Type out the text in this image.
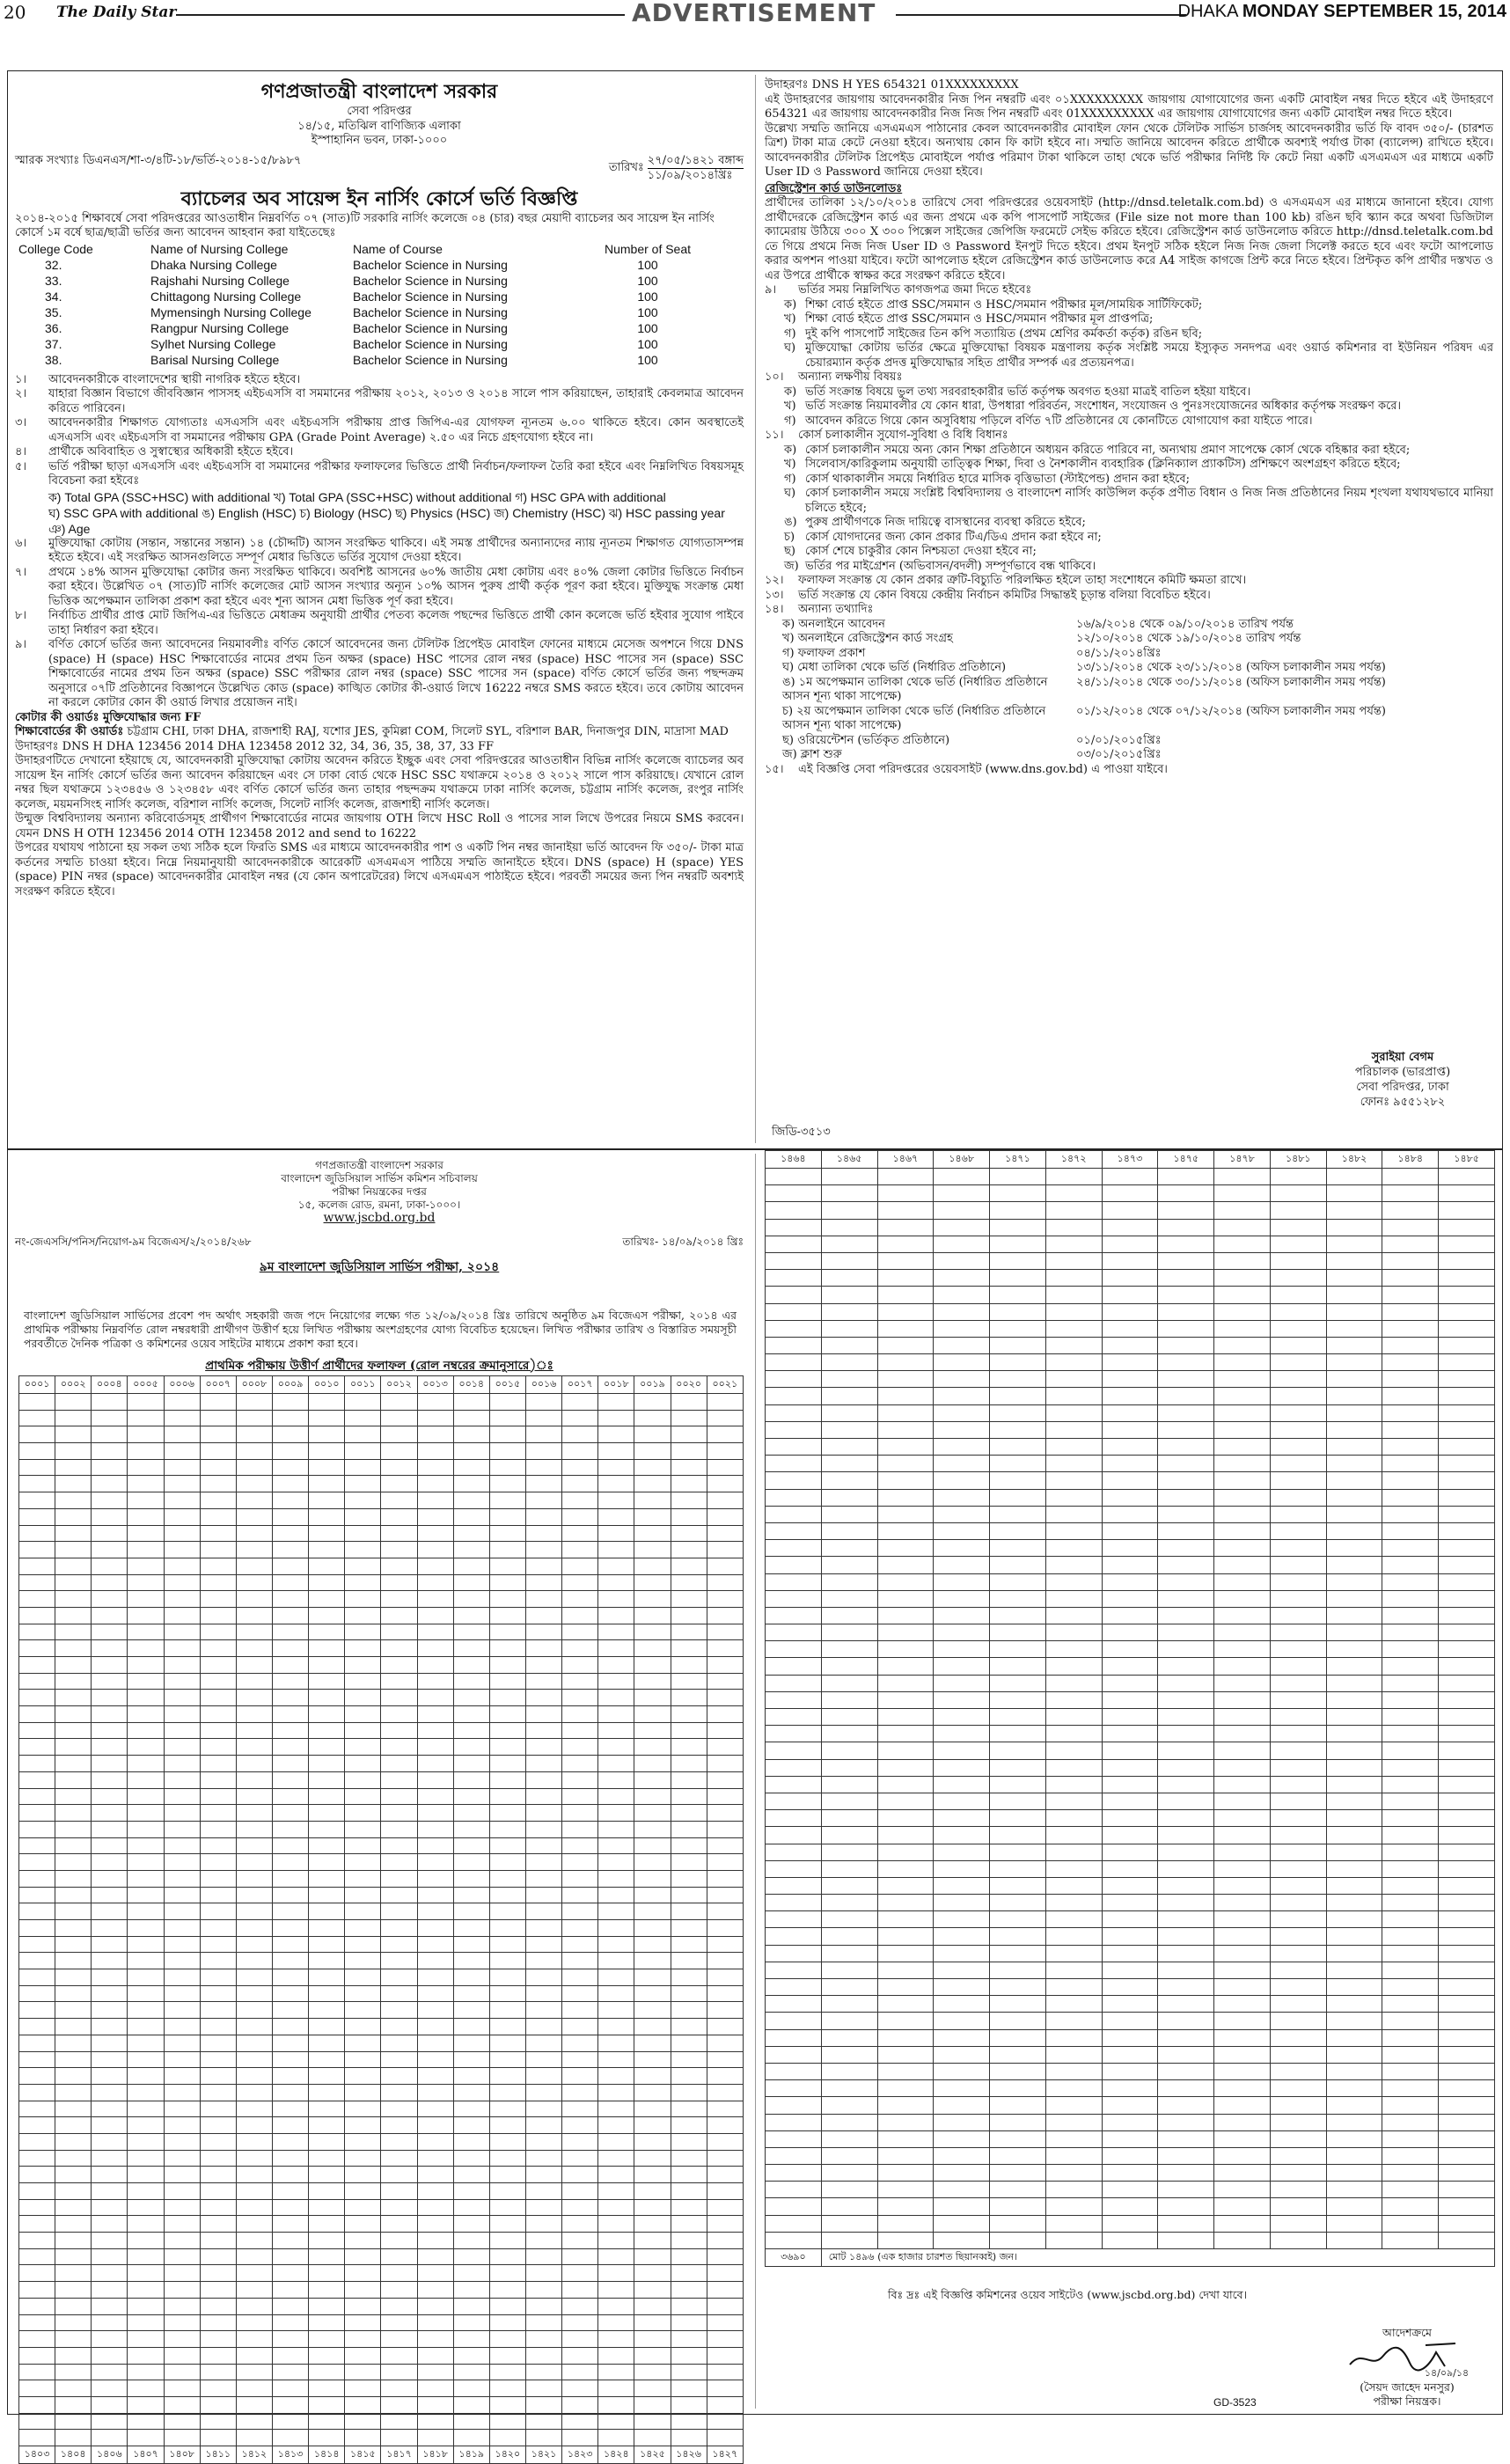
20 The Daily Star	ADVERTISEMENT	DHAKA MONDAY SEPTEMBER 15, 2014
গণপ্রজাতন্ত্রী বাংলাদেশ সরকার
সেবা পরিদপ্তর
১৪/১৫, মতিঝিল বাণিজ্যিক এলাকা
ইস্পাহানিন ভবন, ঢাকা-১০০০
স্মারক সংখ্যাঃ ডিএনএস/শা-৩/৪টি-১৮/ভর্তি-২০১৪-১৫/৮৯৮৭
তারিখঃ
২৭/০৫/১৪২১ বঙ্গাব্দ
১১/০৯/২০১৪খ্রিঃ
ব্যাচেলর অব সায়েন্স ইন নার্সিং কোর্সে ভর্তি বিজ্ঞপ্তি

২০১৪-২০১৫ শিক্ষাবর্ষে সেবা পরিদপ্তরের আওতাধীন নিম্নবর্ণিত ০৭ (সাত)টি সরকারি নার্সিং কলেজে ০৪ (চার) বছর মেয়াদী ব্যাচেলর অব সায়েন্স ইন নার্সিং কোর্সে ১ম বর্ষে ছাত্র/ছাত্রী ভর্তির জন্য আবেদন আহবান করা যাইতেছেঃ

College Code	Name of Nursing College	Name of Course	Number of Seat
32.	Dhaka Nursing College	Bachelor Science in Nursing	100
33.	Rajshahi Nursing College	Bachelor Science in Nursing	100
34.	Chittagong Nursing College	Bachelor Science in Nursing	100
35.	Mymensingh Nursing College	Bachelor Science in Nursing	100
36.	Rangpur Nursing College	Bachelor Science in Nursing	100
37.	Sylhet Nursing College	Bachelor Science in Nursing	100
38.	Barisal Nursing College	Bachelor Science in Nursing	100
১।	আবেদনকারীকে বাংলাদেশের স্থায়ী নাগরিক হইতে হইবে।
২।	যাহারা বিজ্ঞান বিভাগে জীববিজ্ঞান পাসসহ এইচএসসি বা সমমানের পরীক্ষায় ২০১২, ২০১৩ ও ২০১৪ সালে পাস করিয়াছেন, তাহারাই কেবলমাত্র আবেদন করিতে পারিবেন।
৩।	আবেদনকারীর শিক্ষাগত যোগ্যতাঃ এসএসসি এবং এইচএসসি পরীক্ষায় প্রাপ্ত জিপিএ-এর যোগফল ন্যূনতম ৬.০০ থাকিতে হইবে। কোন অবস্থাতেই এসএসসি এবং এইচএসসি বা সমমানের পরীক্ষায় GPA (Grade Point Average) ২.৫০ এর নিচে গ্রহণযোগ্য হইবে না।
৪।	প্রার্থীকে অবিবাহিত ও সুস্বাস্থ্যের অধিকারী হইতে হইবে।
৫।	ভর্তি পরীক্ষা ছাড়া এসএসসি এবং এইচএসসি বা সমমানের পরীক্ষার ফলাফলের ভিত্তিতে প্রার্থী নির্বাচন/ফলাফল তৈরি করা হইবে এবং নিম্নলিখিত বিষয়সমূহ বিবেচনা করা হইবেঃ
ক) Total GPA (SSC+HSC) with additional খ) Total GPA (SSC+HSC) without additional গ) HSC GPA with additional
ঘ) SSC GPA with additional ঙ) English (HSC) চ) Biology (HSC) ছ) Physics (HSC) জ) Chemistry (HSC) ঝ) HSC passing year ঞ) Age
৬।	মুক্তিযোদ্ধা কোটায় (সন্তান, সন্তানের সন্তান) ১৪ (চৌদ্দটি) আসন সংরক্ষিত থাকিবে। এই সমস্ত প্রার্থীদের অন্যান্যদের ন্যায় ন্যূনতম শিক্ষাগত যোগ্যতাসম্পন্ন হইতে হইবে। এই সংরক্ষিত আসনগুলিতে সম্পূর্ণ মেধার ভিত্তিতে ভর্তির সুযোগ দেওয়া হইবে।
৭।	প্রথমে ১৪% আসন মুক্তিযোদ্ধা কোটার জন্য সংরক্ষিত থাকিবে। অবশিষ্ট আসনের ৬০% জাতীয় মেধা কোটায় এবং ৪০% জেলা কোটার ভিত্তিতে নির্বাচন করা হইবে। উল্লেখিত ০৭ (সাত)টি নার্সিং কলেজের মোট আসন সংখ্যার অন্যূন ১০% আসন পুরুষ প্রার্থী কর্তৃক পূরণ করা হইবে। মুক্তিযুদ্ধ সংক্রান্ত মেধা ভিত্তিক অপেক্ষমান তালিকা প্রকাশ করা হইবে এবং শূন্য আসন মেধা ভিত্তিক পূর্ণ করা হইবে।
৮।	নির্বাচিত প্রার্থীর প্রাপ্ত মোট জিপিএ-এর ভিত্তিতে মেধাক্রম অনুযায়ী প্রার্থীর পেতব্য কলেজ পছন্দের ভিত্তিতে প্রার্থী কোন কলেজে ভর্তি হইবার সুযোগ পাইবে তাহা নির্ধারণ করা হইবে।
৯।	বর্ণিত কোর্সে ভর্তির জন্য আবেদনের নিয়মাবলীঃ বর্ণিত কোর্সে আবেদনের জন্য টেলিটক প্রিপেইড মোবাইল ফোনের মাধ্যমে মেসেজ অপশনে গিয়ে DNS (space) H (space) HSC শিক্ষাবোর্ডের নামের প্রথম তিন অক্ষর (space) HSC পাসের রোল নম্বর (space) HSC পাসের সন (space) SSC শিক্ষাবোর্ডের নামের প্রথম তিন অক্ষর (space) SSC পরীক্ষার রোল নম্বর (space) SSC পাসের সন (space) বর্ণিত কোর্সে ভর্তির জন্য পছন্দক্রম অনুসারে ০৭টি প্রতিষ্ঠানের বিজ্ঞাপনে উল্লেখিত কোড (space) কাঙ্খিত কোটার কী-ওয়ার্ড লিখে 16222 নম্বরে SMS করতে হইবে। তবে কোটায় আবেদন না করলে কোটার কোন কী ওয়ার্ড লিখার প্রয়োজন নাই।
কোটার কী ওয়ার্ডঃ মুক্তিযোদ্ধার জন্য FF
শিক্ষাবোর্ডের কী ওয়ার্ডঃ চট্টগ্রাম CHI, ঢাকা DHA, রাজশাহী RAJ, যশোর JES, কুমিল্লা COM, সিলেট SYL, বরিশাল BAR, দিনাজপুর DIN, মাদ্রাসা MAD
উদাহরণঃ DNS H DHA 123456 2014 DHA 123458 2012 32, 34, 36, 35, 38, 37, 33 FF

উদাহরণটিতে দেখানো হইয়াছে যে, আবেদনকারী মুক্তিযোদ্ধা কোটায় অবেদন করিতে ইচ্ছুক এবং সেবা পরিদপ্তরের আওতাধীন বিভিন্ন নার্সিং কলেজে ব্যাচেলর অব সায়েন্স ইন নার্সিং কোর্সে ভর্তির জন্য আবেদন করিয়াছেন এবং সে ঢাকা বোর্ড থেকে HSC SSC যথাক্রমে ২০১৪ ও ২০১২ সালে পাস করিয়াছে। যেখানে রোল নম্বর ছিল যথাক্রমে ১২৩৪৫৬ ও ১২৩৪৫৮ এবং বর্ণিত কোর্সে ভর্তির জন্য তাহার পছন্দক্রম যথাক্রমে ঢাকা নার্সিং কলেজ, চট্টগ্রাম নার্সিং কলেজ, রংপুর নার্সিং কলেজ, ময়মনসিংহ নার্সিং কলেজ, বরিশাল নার্সিং কলেজ, সিলেট নার্সিং কলেজ, রাজশাহী নার্সিং কলেজ।

উন্মুক্ত বিশ্ববিদ্যালয় অন্যান্য করিবোর্ডসমূহ প্রার্থীগণ শিক্ষাবোর্ডের নামের জায়গায় OTH লিখে HSC Roll ও পাসের সাল লিখে উপরের নিয়মে SMS করবেন। যেমন DNS H OTH 123456 2014 OTH 123458 2012 and send to 16222

উপরের যথাযথ পাঠানো হয় সকল তথ্য সঠিক হলে ফিরতি SMS এর মাধ্যমে আবেদনকারীর পাশ ও একটি পিন নম্বর জানাইয়া ভর্তি আবেদন ফি ৩৫০/- টাকা মাত্র কর্তনের সম্মতি চাওয়া হইবে। নিম্নে নিয়মানুযায়ী আবেদনকারীকে আরেকটি এসএমএস পাঠিয়ে সম্মতি জানাইতে হইবে। DNS (space) H (space) YES (space) PIN নম্বর (space) আবেদনকারীর মোবাইল নম্বর (যে কোন অপারেটরের) লিখে এসএমএস পাঠাইতে হইবে। পরবর্তী সময়ের জন্য পিন নম্বরটি অবশ্যই সংরক্ষণ করিতে হইবে।

উদাহরণঃ DNS H YES 654321 01XXXXXXXXX

এই উদাহরণের জায়গায় আবেদনকারীর নিজ পিন নম্বরটি এবং ০১XXXXXXXXX জায়গায় যোগাযোগের জন্য একটি মোবাইল নম্বর দিতে হইবে এই উদাহরণে 654321 এর জায়গায় আবেদনকারীর নিজ নিজ পিন নম্বরটি এবং 01XXXXXXXXX এর জায়গায় যোগাযোগের জন্য একটি মোবাইল নম্বর দিতে হইবে।

উল্লেখ্য সম্মতি জানিয়ে এসএমএস পাঠানোর কেবল আবেদনকারীর মোবাইল ফোন থেকে টেলিটক সার্ভিস চার্জসহ আবেদনকারীর ভর্তি ফি বাবদ ৩৫০/- (চারশত ত্রিশ) টাকা মাত্র কেটে নেওয়া হইবে। অন্যথায় কোন ফি কাটা হইবে না। সম্মতি জানিয়ে আবেদন করিতে প্রার্থীকে অবশ্যই পর্যাপ্ত টাকা (ব্যালেন্স) রাখিতে হইবে। আবেদনকারীর টেলিটক প্রিপেইড মোবাইলে পর্যাপ্ত পরিমাণ টাকা থাকিলে তাহা থেকে ভর্তি পরীক্ষার নির্দিষ্ট ফি কেটে নিয়া একটি এসএমএস এর মাধ্যমে একটি User ID ও Password জানিয়ে দেওয়া হইবে।

রেজিস্ট্রেশন কার্ড ডাউনলোডঃ

প্রার্থীদের তালিকা ১২/১০/২০১৪ তারিখে সেবা পরিদপ্তরের ওয়েবসাইট (http://dnsd.teletalk.com.bd) ও এসএমএস এর মাধ্যমে জানানো হইবে। যোগ্য প্রার্থীদেরকে রেজিস্ট্রেশন কার্ড এর জন্য প্রথমে এক কপি পাসপোর্ট সাইজের (File size not more than 100 kb) রঙিন ছবি স্ক্যান করে অথবা ডিজিটাল ক্যামেরায় উঠিয়ে ৩০০ X ৩০০ পিক্সেল সাইজের জেপিজি ফরমেটে সেইভ করিতে হইবে। রেজিস্ট্রেশন কার্ড ডাউনলোড করিতে http://dnsd.teletalk.com.bd তে গিয়ে প্রথমে নিজ নিজ User ID ও Password ইনপুট দিতে হইবে। প্রথম ইনপুট সঠিক হইলে নিজ নিজ জেলা সিলেক্ট করতে হবে এবং ফটো আপলোড করার অপশন পাওয়া যাইবে। ফটো আপলোড হইলে রেজিস্ট্রেশন কার্ড ডাউনলোড করে A4 সাইজ কাগজে প্রিন্ট করে নিতে হইবে। প্রিন্টকৃত কপি প্রার্থীর দস্তখত ও এর উপরে প্রার্থীকে স্বাক্ষর করে সংরক্ষণ করিতে হইবে।

৯।	ভর্তির সময় নিম্নলিখিত কাগজপত্র জমা দিতে হইবেঃ
ক) শিক্ষা বোর্ড হইতে প্রাপ্ত SSC/সমমান ও HSC/সমমান পরীক্ষার মূল/সাময়িক সার্টিফিকেট;
খ) শিক্ষা বোর্ড হইতে প্রাপ্ত SSC/সমমান ও HSC/সমমান পরীক্ষার মূল প্রাপ্তপত্রি;
গ) দুই কপি পাসপোর্ট সাইজের তিন কপি সত্যায়িত (প্রথম শ্রেণির কর্মকর্তা কর্তৃক) রঙিন ছবি;
ঘ) মুক্তিযোদ্ধা কোটায় ভর্তির ক্ষেত্রে মুক্তিযোদ্ধা বিষয়ক মন্ত্রণালয় কর্তৃক সংশ্লিষ্ট সময়ে ইস্যুকৃত সনদপত্র এবং ওয়ার্ড কমিশনার বা ইউনিয়ন পরিষদ এর চেয়ারম্যান কর্তৃক প্রদত্ত মুক্তিযোদ্ধার সহিত প্রার্থীর সম্পর্ক এর প্রত্যয়নপত্র।
১০।	অন্যান্য লক্ষণীয় বিষয়ঃ
ক) ভর্তি সংক্রান্ত বিষয়ে ভুল তথ্য সরবরাহকারীর ভর্তি কর্তৃপক্ষ অবগত হওয়া মাত্রই বাতিল হইয়া যাইবে।
খ) ভর্তি সংক্রান্ত নিয়মাবলীর যে কোন ধারা, উপধারা পরিবর্তন, সংশোধন, সংযোজন ও পুনঃসংযোজনের অধিকার কর্তৃপক্ষ সংরক্ষণ করে।
গ) আবেদন করিতে গিয়ে কোন অসুবিধায় পড়িলে বর্ণিত ৭টি প্রতিষ্ঠানের যে কোনটিতে যোগাযোগ করা যাইতে পারে।
১১।	কোর্স চলাকালীন সুযোগ-সুবিধা ও বিধি বিধানঃ
ক) কোর্স চলাকালীন সময়ে অন্য কোন শিক্ষা প্রতিষ্ঠানে অধ্যয়ন করিতে পারিবে না, অন্যথায় প্রমাণ সাপেক্ষে কোর্স থেকে বহিষ্কার করা হইবে;
খ) সিলেবাস/কারিকুলাম অনুযায়ী তাত্ত্বিক শিক্ষা, দিবা ও নৈশকালীন ব্যবহারিক (ক্লিনিক্যাল প্র্যাকটিস) প্রশিক্ষণে অংশগ্রহণ করিতে হইবে;
গ) কোর্স থাকাকালীন সময়ে নির্ধারিত হারে মাসিক বৃত্তিভাতা (স্টাইপেন্ড) প্রদান করা হইবে;
ঘ) কোর্স চলাকালীন সময়ে সংশ্লিষ্ট বিশ্ববিদ্যালয় ও বাংলাদেশ নার্সিং কাউন্সিল কর্তৃক প্রণীত বিধান ও নিজ নিজ প্রতিষ্ঠানের নিয়ম শৃংখলা যথাযথভাবে মানিয়া চলিতে হইবে;
ঙ) পুরুষ প্রার্থীগণকে নিজ দায়িত্বে বাসস্থানের ব্যবস্থা করিতে হইবে;
চ) কোর্স যোগদানের জন্য কোন প্রকার টিএ/ডিএ প্রদান করা হইবে না;
ছ) কোর্স শেষে চাকুরীর কোন নিশ্চয়তা দেওয়া হইবে না;
জ) ভর্তির পর মাইগ্রেশন (অভিবাসন/বদলী) সম্পূর্ণভাবে বন্ধ থাকিবে।
১২।	ফলাফল সংক্রান্ত যে কোন প্রকার ত্রুটি-বিচ্যুতি পরিলক্ষিত হইলে তাহা সংশোধনে কমিটি ক্ষমতা রাখে।
১৩।	ভর্তি সংক্রান্ত যে কোন বিষয়ে কেন্দ্রীয় নির্বাচন কমিটির সিদ্ধান্তই চূড়ান্ত বলিয়া বিবেচিত হইবে।
১৪।	অন্যান্য তথ্যাদিঃ
ক) অনলাইনে আবেদন	১৬/৯/২০১৪ থেকে ০৯/১০/২০১৪ তারিখ পর্যন্ত
খ) অনলাইনে রেজিস্ট্রেশন কার্ড সংগ্রহ	১২/১০/২০১৪ থেকে ১৯/১০/২০১৪ তারিখ পর্যন্ত
গ) ফলাফল প্রকাশ	০৪/১১/২০১৪খ্রিঃ
ঘ) মেধা তালিকা থেকে ভর্তি (নির্ধারিত প্রতিষ্ঠানে)	১৩/১১/২০১৪ থেকে ২৩/১১/২০১৪ (অফিস চলাকালীন সময় পর্যন্ত)
ঙ) ১ম অপেক্ষমান তালিকা থেকে ভর্তি (নির্ধারিত প্রতিষ্ঠানে আসন শূন্য থাকা সাপেক্ষে)	২৪/১১/২০১৪ থেকে ৩০/১১/২০১৪ (অফিস চলাকালীন সময় পর্যন্ত)
চ) ২য় অপেক্ষমান তালিকা থেকে ভর্তি (নির্ধারিত প্রতিষ্ঠানে আসন শূন্য থাকা সাপেক্ষে)	০১/১২/২০১৪ থেকে ০৭/১২/২০১৪ (অফিস চলাকালীন সময় পর্যন্ত)
ছ) ওরিয়েন্টেশন (ভর্তিকৃত প্রতিষ্ঠানে)	০১/০১/২০১৫খ্রিঃ
জ) ক্লাশ শুরু	০৩/০১/২০১৫খ্রিঃ
১৫।	এই বিজ্ঞপ্তি সেবা পরিদপ্তরের ওয়েবসাইট (www.dns.gov.bd) এ পাওয়া যাইবে।
সুরাইয়া বেগম
পরিচালক (ভারপ্রাপ্ত)
সেবা পরিদপ্তর, ঢাকা
ফোনঃ ৯৫৫১২৮২
জিডি-৩৫১৩
গণপ্রজাতন্ত্রী বাংলাদেশ সরকার
বাংলাদেশ জুডিসিয়াল সার্ভিস কমিশন সচিবালয়
পরীক্ষা নিয়ন্ত্রকের দপ্তর
১৫, কলেজ রোড, রমনা, ঢাকা-১০০০।
www.jscbd.org.bd
নং-জেএসসি/পনিস/নিয়োগ-৯ম বিজেএস/২/২০১৪/২৬৮	তারিখঃ- ১৪/০৯/২০১৪ খ্রিঃ
৯ম বাংলাদেশ জুডিসিয়াল সার্ভিস পরীক্ষা, ২০১৪
বাংলাদেশ জুডিসিয়াল সার্ভিসের প্রবেশ পদ অর্থাৎ সহকারী জজ পদে নিয়োগের লক্ষ্যে গত ১২/০৯/২০১৪ খ্রিঃ তারিখে অনুষ্ঠিত ৯ম বিজেএস পরীক্ষা, ২০১৪ এর প্রাথমিক পরীক্ষায় নিম্নবর্ণিত রোল নম্বরধারী প্রার্থীগণ উত্তীর্ণ হয়ে লিখিত পরীক্ষায় অংশগ্রহণের যোগ্য বিবেচিত হয়েছেন। লিখিত পরীক্ষার তারিখ ও বিস্তারিত সময়সূচী পরবর্তীতে দৈনিক পত্রিকা ও কমিশনের ওয়েব সাইটের মাধ্যমে প্রকাশ করা হবে।
প্রাথমিক পরীক্ষায় উত্তীর্ণ প্রার্থীদের ফলাফল (রোল নম্বরের ক্রমানুসারে)ঃ
০০০১	০০০২	০০০৪	০০০৫	০০০৬	০০০৭	০০০৮	০০০৯	০০১০	০০১১	০০১২	০০১৩	০০১৪	০০১৫	০০১৬	০০১৭	০০১৮	০০১৯	০০২০	০০২১

১৪০৩	১৪০৪	১৪০৬	১৪০৭	১৪০৮	১৪১১	১৪১২	১৪১৩	১৪১৪	১৪১৫	১৪১৭	১৪১৮	১৪১৯	১৪২০	১৪২১	১৪২৩	১৪২৪	১৪২৫	১৪২৬	১৪২৭
১৪৬৪	১৪৬৫	১৪৬৭	১৪৬৮	১৪৭১	১৪৭২	১৪৭৩	১৪৭৫	১৪৭৮	১৪৮১	১৪৮২	১৪৮৪	১৪৮৫

৩৬৯০	মোট ১৪৯৬ (এক হাজার চারশত ছিয়ানব্বই) জন।											
বিঃ দ্রঃ এই বিজ্ঞপ্তি কমিশনের ওয়েব সাইটেও (www.jscbd.org.bd) দেখা যাবে।
আদেশক্রমে
১৪/০৯/১৪
(সৈয়দ জাহেদ মনসুর)
পরীক্ষা নিয়ন্ত্রক।
GD-3523
